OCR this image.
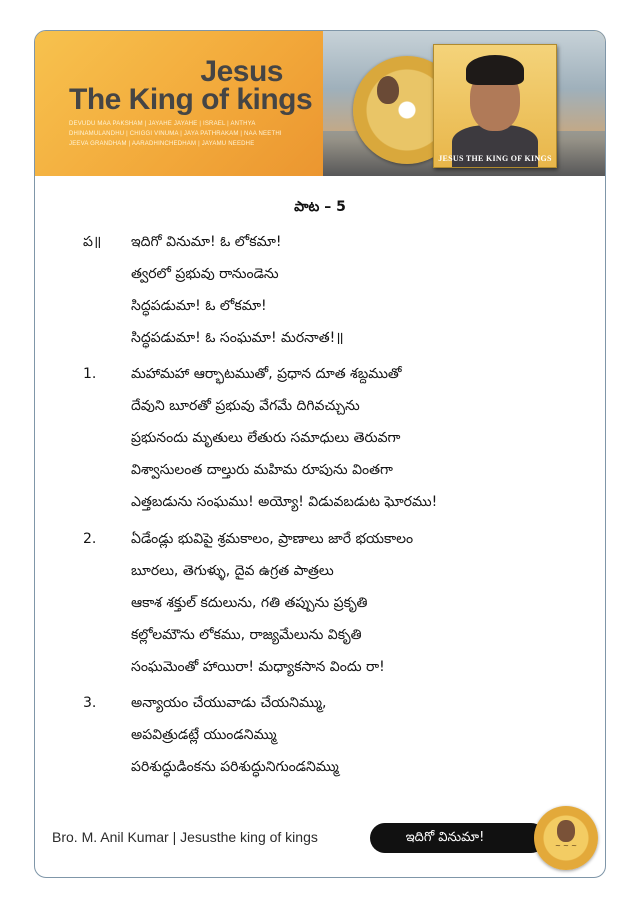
Jesus
The King of kings
DEVUDU MAA PAKSHAM | JAYAHE JAYAHE | ISRAEL | ANTHYA
DHINAMULANDHU | CHIGGI VINUMA | JAYA PATHRAKAM | NAA NEETHI
JEEVA GRANDHAM | AARADHINCHEDHAM | JAYAMU NEEDHE
JESUS THE KING OF KINGS
పాట – 5
ప॥ ఇదిగో వినుమా! ఓ లోకమా!
త్వరలో ప్రభువు రానుండెను
సిద్ధపడుమా! ఓ లోకమా!
సిద్ధపడుమా! ఓ సంఘమా! మరనాత!॥
1. మహామహా ఆర్భాటముతో, ప్రధాన దూత శబ్దముతో
దేవుని బూరతో ప్రభువు వేగమే దిగివచ్చును
ప్రభునందు మృతులు లేతురు సమాధులు తెరువగా
విశ్వాసులంత దాల్తురు మహిమ రూపును వింతగా
ఎత్తబడును సంఘము! అయ్యో! విడువబడుట ఘోరము!
2. ఏడేండ్లు భువిపై శ్రమకాలం, ప్రాణాలు జారే భయకాలం
బూరలు, తెగుళ్ళు, దైవ ఉగ్రత పాత్రలు
ఆకాశ శక్తుల్ కదులును, గతి తప్పును ప్రకృతి
కల్లోలమౌను లోకము, రాజ్యమేలును వికృతి
సంఘమెంతో హాయిరా! మధ్యాకసాన విందు రా!
3. అన్యాయం చేయువాడు చేయనిమ్ము,
అపవిత్రుడట్లే యుండనిమ్ము
పరిశుద్ధుడింకను పరిశుద్ధునిగుండనిమ్ము
Bro. M. Anil Kumar | Jesusthe king of kings	ఇదిగో వినుమా!
~ ~ ~
